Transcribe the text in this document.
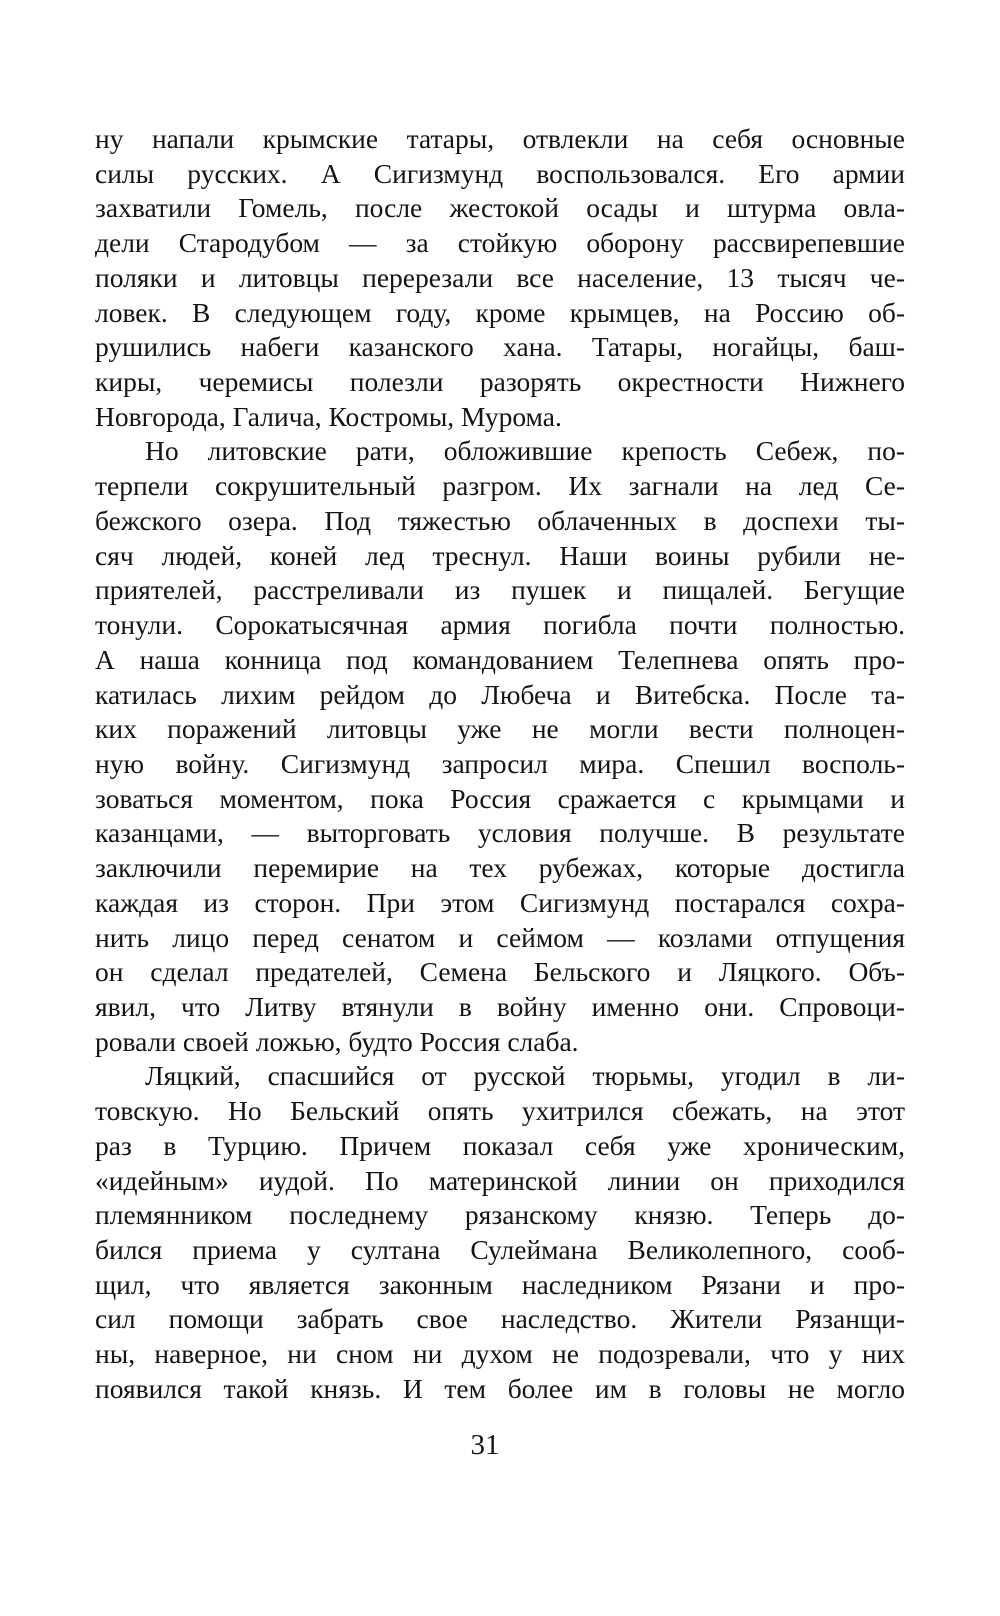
ну напали крымские татары, отвлекли на себя основные
силы русских. А Сигизмунд воспользовался. Его армии
захватили Гомель, после жестокой осады и штурма овла-
дели Стародубом — за стойкую оборону рассвирепевшие
поляки и литовцы перерезали все население, 13 тысяч че-
ловек. В следующем году, кроме крымцев, на Россию об-
рушились набеги казанского хана. Татары, ногайцы, баш-
киры, черемисы полезли разорять окрестности Нижнего
Новгорода, Галича, Костромы, Мурома.
Но литовские рати, обложившие крепость Себеж, по-
терпели сокрушительный разгром. Их загнали на лед Се-
бежского озера. Под тяжестью облаченных в доспехи ты-
сяч людей, коней лед треснул. Наши воины рубили не-
приятелей, расстреливали из пушек и пищалей. Бегущие
тонули. Сорокатысячная армия погибла почти полностью.
А наша конница под командованием Телепнева опять про-
катилась лихим рейдом до Любеча и Витебска. После та-
ких поражений литовцы уже не могли вести полноцен-
ную войну. Сигизмунд запросил мира. Спешил восполь-
зоваться моментом, пока Россия сражается с крымцами и
казанцами, — выторговать условия получше. В результате
заключили перемирие на тех рубежах, которые достигла
каждая из сторон. При этом Сигизмунд постарался сохра-
нить лицо перед сенатом и сеймом — козлами отпущения
он сделал предателей, Семена Бельского и Ляцкого. Объ-
явил, что Литву втянули в войну именно они. Спровоци-
ровали своей ложью, будто Россия слаба.
Ляцкий, спасшийся от русской тюрьмы, угодил в ли-
товскую. Но Бельский опять ухитрился сбежать, на этот
раз в Турцию. Причем показал себя уже хроническим,
«идейным» иудой. По материнской линии он приходился
племянником последнему рязанскому князю. Теперь до-
бился приема у султана Сулеймана Великолепного, сооб-
щил, что является законным наследником Рязани и про-
сил помощи забрать свое наследство. Жители Рязанщи-
ны, наверное, ни сном ни духом не подозревали, что у них
появился такой князь. И тем более им в головы не могло
31
